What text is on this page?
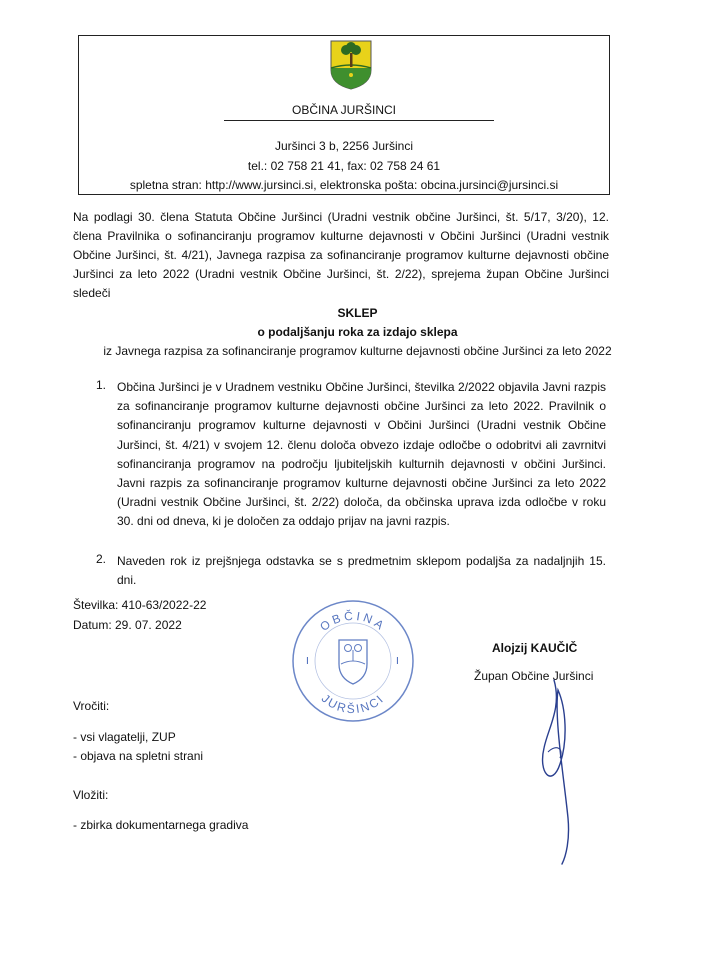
OBČINA JURŠINCI
Juršinci 3 b, 2256 Juršinci
tel.: 02 758 21 41, fax: 02 758 24 61
spletna stran: http://www.jursinci.si, elektronska pošta: obcina.jursinci@jursinci.si
Na podlagi 30. člena Statuta Občine Juršinci (Uradni vestnik občine Juršinci, št. 5/17, 3/20), 12. člena Pravilnika o sofinanciranju programov kulturne dejavnosti v Občini Juršinci (Uradni vestnik Občine Juršinci, št. 4/21), Javnega razpisa za sofinanciranje programov kulturne dejavnosti občine Juršinci za leto 2022 (Uradni vestnik Občine Juršinci, št. 2/22), sprejema župan Občine Juršinci sledeči
SKLEP
o podaljšanju roka za izdajo sklepa
iz Javnega razpisa za sofinanciranje programov kulturne dejavnosti občine Juršinci za leto 2022
1. Občina Juršinci je v Uradnem vestniku Občine Juršinci, številka 2/2022 objavila Javni razpis za sofinanciranje programov kulturne dejavnosti občine Juršinci za leto 2022. Pravilnik o sofinanciranju programov kulturne dejavnosti v Občini Juršinci (Uradni vestnik Občine Juršinci, št. 4/21) v svojem 12. členu določa obvezo izdaje odločbe o odobritvi ali zavrnitvi sofinanciranja programov na področju ljubiteljskih kulturnih dejavnosti v občini Juršinci. Javni razpis za sofinanciranje programov kulturne dejavnosti občine Juršinci za leto 2022 (Uradni vestnik Občine Juršinci, št. 2/22) določa, da občinska uprava izda odločbe v roku 30. dni od dneva, ki je določen za oddajo prijav na javni razpis.
2. Naveden rok iz prejšnjega odstavka se s predmetnim sklepom podaljša za nadaljnjih 15. dni.
Številka: 410-63/2022-22
Datum: 29. 07. 2022	OBČINA
JURŠINCI
I	I
Alojzij KAUČIČ
Župan Občine Juršinci
Vročiti:
- vsi vlagatelji, ZUP
- objava na spletni strani
Vložiti:
- zbirka dokumentarnega gradiva
